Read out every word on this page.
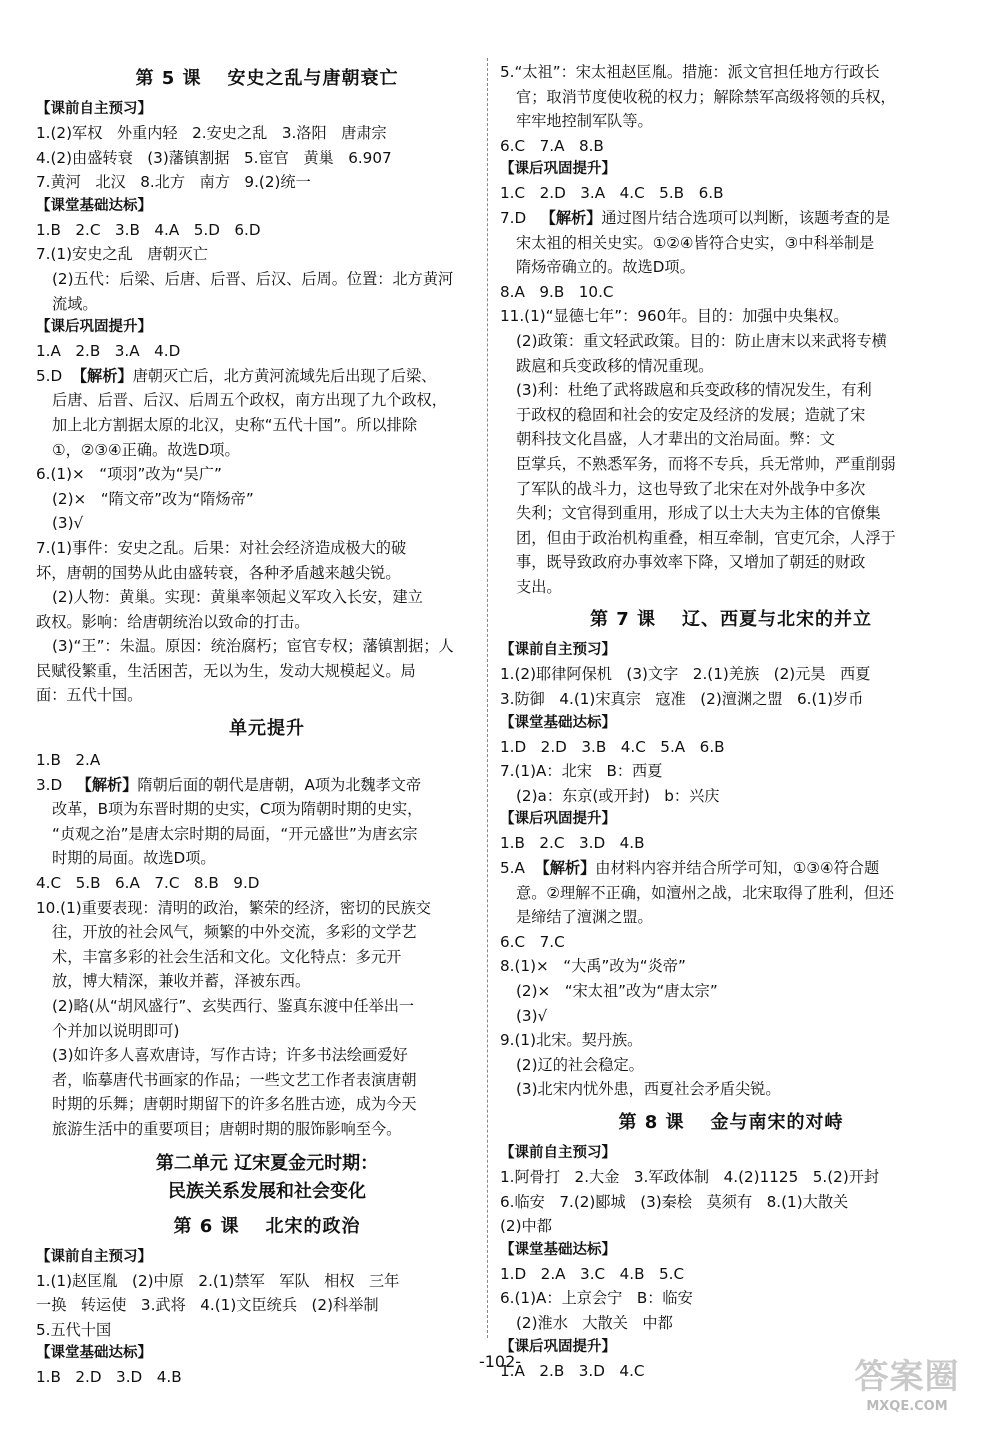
第 5 课 安史之乱与唐朝衰亡
【课前自主预习】
1.(2)军权   外重内轻   2.安史之乱   3.洛阳   唐肃宗
4.(2)由盛转衰   (3)藩镇割据   5.宦官   黄巢   6.907
7.黄河   北汉   8.北方   南方   9.(2)统一
【课堂基础达标】
1.B   2.C   3.B   4.A   5.D   6.D
7.(1)安史之乱   唐朝灭亡
(2)五代：后梁、后唐、后晋、后汉、后周。位置：北方黄河
流域。
【课后巩固提升】
1.A   2.B   3.A   4.D
5.D  【解析】唐朝灭亡后，北方黄河流域先后出现了后梁、
后唐、后晋、后汉、后周五个政权，南方出现了九个政权，
加上北方割据太原的北汉，史称“五代十国”。所以排除
①，②③④正确。故选D项。
6.(1)×   “项羽”改为“吴广”
(2)×   “隋文帝”改为“隋炀帝”
(3)√
7.(1)事件：安史之乱。后果：对社会经济造成极大的破
坏，唐朝的国势从此由盛转衰，各种矛盾越来越尖锐。
(2)人物：黄巢。实现：黄巢率领起义军攻入长安，建立
政权。影响：给唐朝统治以致命的打击。
(3)“王”：朱温。原因：统治腐朽；宦官专权；藩镇割据；人
民赋役繁重，生活困苦，无以为生，发动大规模起义。局
面：五代十国。
单元提升
1.B   2.A
3.D   【解析】隋朝后面的朝代是唐朝，A项为北魏孝文帝
改革，B项为东晋时期的史实，C项为隋朝时期的史实，
“贞观之治”是唐太宗时期的局面，“开元盛世”为唐玄宗
时期的局面。故选D项。
4.C   5.B   6.A   7.C   8.B   9.D
10.(1)重要表现：清明的政治，繁荣的经济，密切的民族交
往，开放的社会风气，频繁的中外交流，多彩的文学艺
术，丰富多彩的社会生活和文化。文化特点：多元开
放，博大精深，兼收并蓄，泽被东西。
(2)略(从“胡风盛行”、玄奘西行、鉴真东渡中任举出一
个并加以说明即可)
(3)如许多人喜欢唐诗，写作古诗；许多书法绘画爱好
者，临摹唐代书画家的作品；一些文艺工作者表演唐朝
时期的乐舞；唐朝时期留下的许多名胜古迹，成为今天
旅游生活中的重要项目；唐朝时期的服饰影响至今。
第二单元 辽宋夏金元时期：
民族关系发展和社会变化
第 6 课 北宋的政治
【课前自主预习】
1.(1)赵匡胤   (2)中原   2.(1)禁军   军队   相权   三年
一换   转运使   3.武将   4.(1)文臣统兵   (2)科举制
5.五代十国
【课堂基础达标】
1.B   2.D   3.D   4.B
5.“太祖”：宋太祖赵匡胤。措施：派文官担任地方行政长
官；取消节度使收税的权力；解除禁军高级将领的兵权，
牢牢地控制军队等。
6.C   7.A   8.B
【课后巩固提升】
1.C   2.D   3.A   4.C   5.B   6.B
7.D   【解析】通过图片结合选项可以判断，该题考查的是
宋太祖的相关史实。①②④皆符合史实，③中科举制是
隋炀帝确立的。故选D项。
8.A   9.B   10.C
11.(1)“显德七年”：960年。目的：加强中央集权。
(2)政策：重文轻武政策。目的：防止唐末以来武将专横
跋扈和兵变政移的情况重现。
(3)利：杜绝了武将跋扈和兵变政移的情况发生，有利
于政权的稳固和社会的安定及经济的发展；造就了宋
朝科技文化昌盛，人才辈出的文治局面。弊：文
臣掌兵，不熟悉军务，而将不专兵，兵无常帅，严重削弱
了军队的战斗力，这也导致了北宋在对外战争中多次
失利；文官得到重用，形成了以士大夫为主体的官僚集
团，但由于政治机构重叠，相互牵制，官吏冗余，人浮于
事，既导致政府办事效率下降，又增加了朝廷的财政
支出。
第 7 课 辽、西夏与北宋的并立
【课前自主预习】
1.(2)耶律阿保机   (3)文字   2.(1)羌族   (2)元昊   西夏
3.防御   4.(1)宋真宗   寇准   (2)澶渊之盟   6.(1)岁币
【课堂基础达标】
1.D   2.D   3.B   4.C   5.A   6.B
7.(1)A：北宋   B：西夏
(2)a：东京(或开封)   b：兴庆
【课后巩固提升】
1.B   2.C   3.D   4.B
5.A  【解析】由材料内容并结合所学可知，①③④符合题
意。②理解不正确，如澶州之战，北宋取得了胜利，但还
是缔结了澶渊之盟。
6.C   7.C
8.(1)×   “大禹”改为“炎帝”
(2)×   “宋太祖”改为“唐太宗”
(3)√
9.(1)北宋。契丹族。
(2)辽的社会稳定。
(3)北宋内忧外患，西夏社会矛盾尖锐。
第 8 课 金与南宋的对峙
【课前自主预习】
1.阿骨打   2.大金   3.军政体制   4.(2)1125   5.(2)开封
6.临安   7.(2)郾城   (3)秦桧   莫须有   8.(1)大散关
(2)中都
【课堂基础达标】
1.D   2.A   3.C   4.B   5.C
6.(1)A：上京会宁   B：临安
(2)淮水   大散关   中都
【课后巩固提升】
1.A   2.B   3.D   4.C
-102-	答案圈
MXQE.COM
